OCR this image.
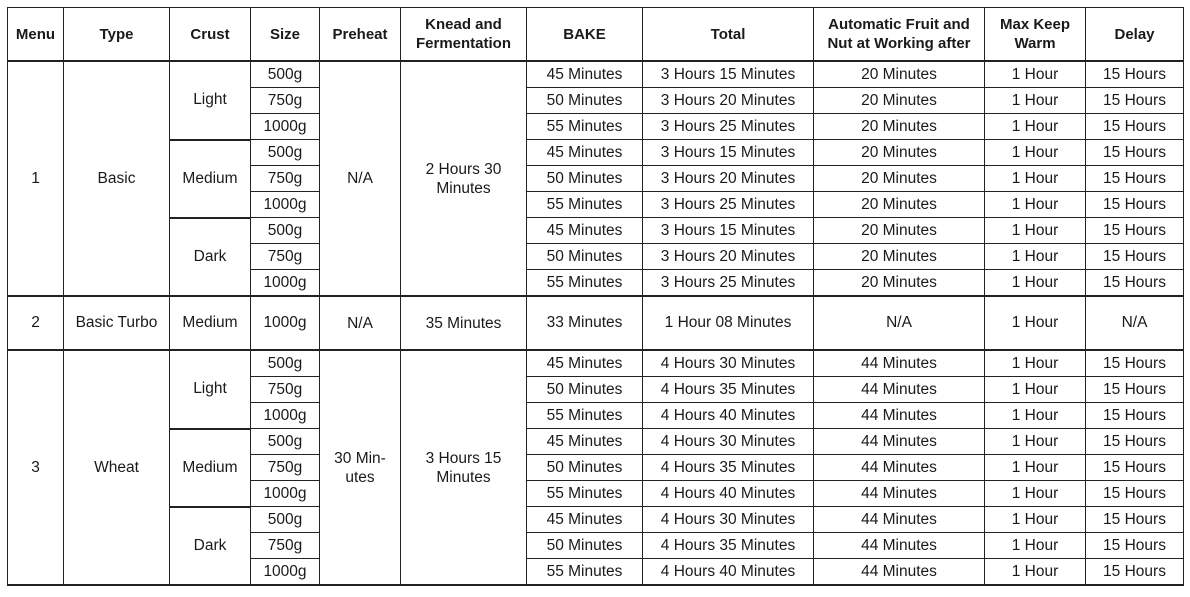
Menu	Type	Crust	Size	Preheat	Knead and Fermentation	BAKE	Total	Automatic Fruit and Nut at Working after	Max Keep Warm	Delay
1	Basic	Light	500g	N/A	2 Hours 30 Minutes	45 Minutes	3 Hours 15 Minutes	20 Minutes	1 Hour	15 Hours
			750g			50 Minutes	3 Hours 20 Minutes	20 Minutes	1 Hour	15 Hours
			1000g			55 Minutes	3 Hours 25 Minutes	20 Minutes	1 Hour	15 Hours
		Medium	500g			45 Minutes	3 Hours 15 Minutes	20 Minutes	1 Hour	15 Hours
			750g			50 Minutes	3 Hours 20 Minutes	20 Minutes	1 Hour	15 Hours
			1000g			55 Minutes	3 Hours 25 Minutes	20 Minutes	1 Hour	15 Hours
		Dark	500g			45 Minutes	3 Hours 15 Minutes	20 Minutes	1 Hour	15 Hours
			750g			50 Minutes	3 Hours 20 Minutes	20 Minutes	1 Hour	15 Hours
			1000g			55 Minutes	3 Hours 25 Minutes	20 Minutes	1 Hour	15 Hours
2	Basic Turbo	Medium	1000g	N/A	35 Minutes	33 Minutes	1 Hour 08 Minutes	N/A	1 Hour	N/A
3	Wheat	Light	500g	30 Min- utes	3 Hours 15 Minutes	45 Minutes	4 Hours 30 Minutes	44 Minutes	1 Hour	15 Hours
			750g			50 Minutes	4 Hours 35 Minutes	44 Minutes	1 Hour	15 Hours
			1000g			55 Minutes	4 Hours 40 Minutes	44 Minutes	1 Hour	15 Hours
		Medium	500g			45 Minutes	4 Hours 30 Minutes	44 Minutes	1 Hour	15 Hours
			750g			50 Minutes	4 Hours 35 Minutes	44 Minutes	1 Hour	15 Hours
			1000g			55 Minutes	4 Hours 40 Minutes	44 Minutes	1 Hour	15 Hours
		Dark	500g			45 Minutes	4 Hours 30 Minutes	44 Minutes	1 Hour	15 Hours
			750g			50 Minutes	4 Hours 35 Minutes	44 Minutes	1 Hour	15 Hours
			1000g			55 Minutes	4 Hours 40 Minutes	44 Minutes	1 Hour	15 Hours
